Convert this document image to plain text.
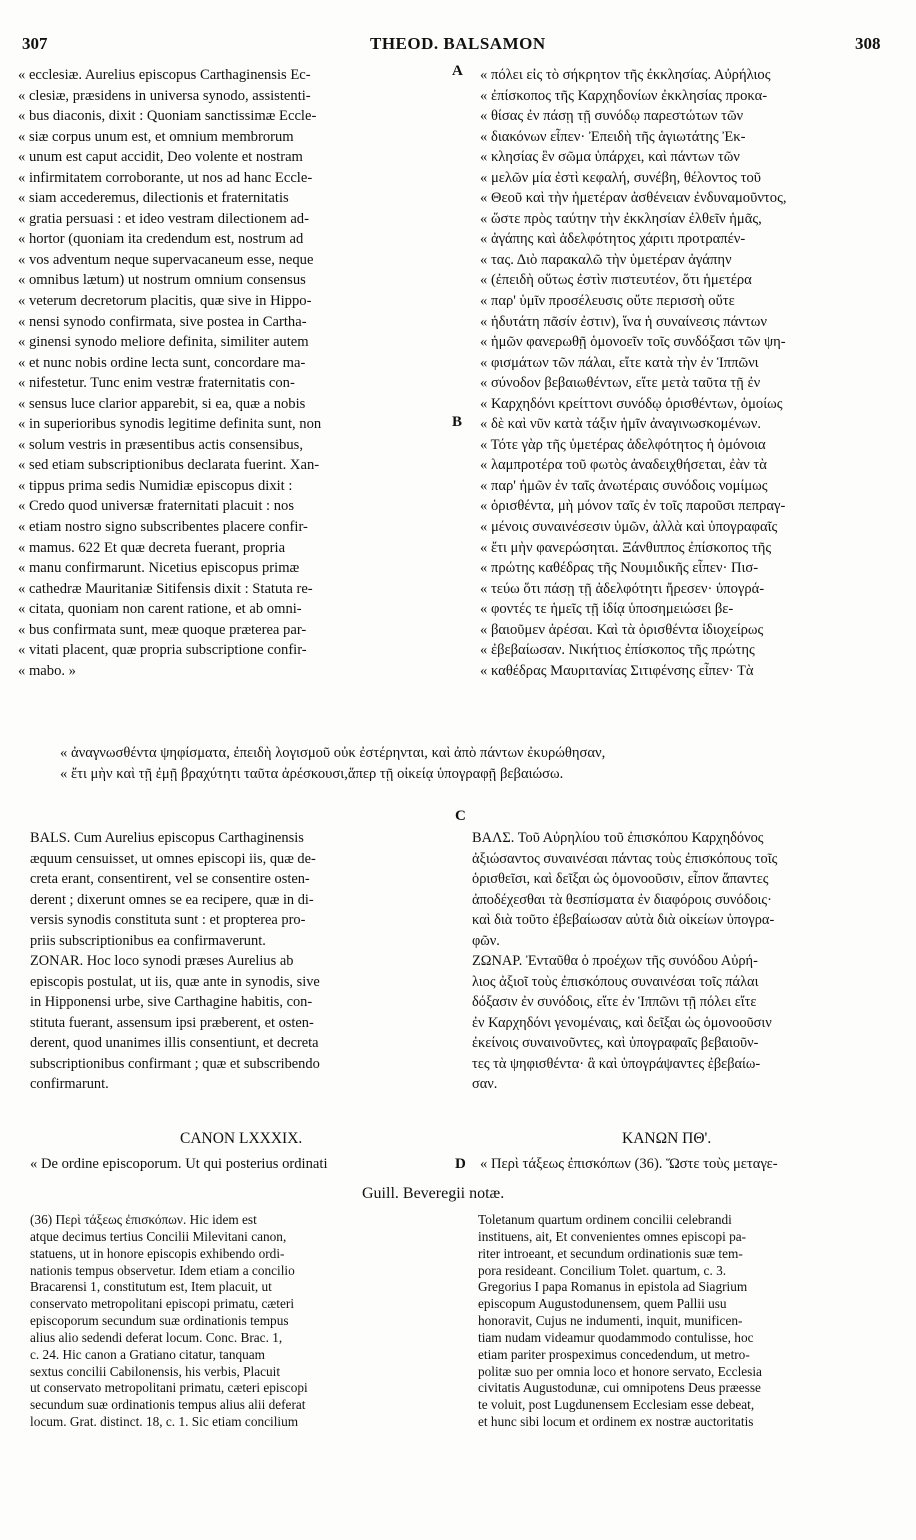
307	THEOD. BALSAMON	308
A
B
C
D
« ecclesiæ. Aurelius episcopus Carthaginensis Ec-
« clesiæ, præsidens in universa synodo, assistenti-
« bus diaconis, dixit : Quoniam sanctissimæ Eccle-
« siæ corpus unum est, et omnium membrorum
« unum est caput accidit, Deo volente et nostram
« infirmitatem corroborante, ut nos ad hanc Eccle-
« siam accederemus, dilectionis et fraternitatis
« gratia persuasi : et ideo vestram dilectionem ad-
« hortor (quoniam ita credendum est, nostrum ad
« vos adventum neque supervacaneum esse, neque
« omnibus lætum) ut nostrum omnium consensus
« veterum decretorum placitis, quæ sive in Hippo-
« nensi synodo confirmata, sive postea in Cartha-
« ginensi synodo meliore definita, similiter autem
« et nunc nobis ordine lecta sunt, concordare ma-
« nifestetur. Tunc enim vestræ fraternitatis con-
« sensus luce clarior apparebit, si ea, quæ a nobis
« in superioribus synodis legitime definita sunt, non
« solum vestris in præsentibus actis consensibus,
« sed etiam subscriptionibus declarata fuerint. Xan-
« tippus prima sedis Numidiæ episcopus dixit :
« Credo quod universæ fraternitati placuit : nos
« etiam nostro signo subscribentes placere confir-
« mamus. 622 Et quæ decreta fuerant, propria
« manu confirmarunt. Nicetius episcopus primæ
« cathedræ Mauritaniæ Sitifensis dixit : Statuta re-
« citata, quoniam non carent ratione, et ab omni-
« bus confirmata sunt, meæ quoque præterea par-
« vitati placent, quæ propria subscriptione confir-
« mabo. »
« πόλει εἰς τὸ σήκρητον τῆς ἐκκλησίας. Αὐρήλιος
« ἐπίσκοπος τῆς Καρχηδονίων ἐκκλησίας προκα-
« θίσας ἐν πάσῃ τῇ συνόδῳ παρεστώτων τῶν
« διακόνων εἶπεν· Ἐπειδὴ τῆς ἁγιωτάτης Ἐκ-
« κλησίας ἓν σῶμα ὑπάρχει, καὶ πάντων τῶν
« μελῶν μία ἐστὶ κεφαλή, συνέβη, θέλοντος τοῦ
« Θεοῦ καὶ τὴν ἡμετέραν ἀσθένειαν ἐνδυναμοῦντος,
« ὥστε πρὸς ταύτην τὴν ἐκκλησίαν ἐλθεῖν ἡμᾶς,
« ἀγάπης καὶ ἀδελφότητος χάριτι προτραπέν-
« τας. Διὸ παρακαλῶ τὴν ὑμετέραν ἀγάπην
« (ἐπειδὴ οὕτως ἐστὶν πιστευτέον, ὅτι ἡμετέρα
« παρ' ὑμῖν προσέλευσις οὔτε περισσὴ οὔτε
« ἡδυτάτη πᾶσίν ἐστιν), ἵνα ἡ συναίνεσις πάντων
« ἡμῶν φανερωθῇ ὁμονοεῖν τοῖς συνδόξασι τῶν ψη-
« φισμάτων τῶν πάλαι, εἴτε κατὰ τὴν ἐν Ἱππῶνι
« σύνοδον βεβαιωθέντων, εἴτε μετὰ ταῦτα τῇ ἐν
« Καρχηδόνι κρείττονι συνόδῳ ὁρισθέντων, ὁμοίως
« δὲ καὶ νῦν κατὰ τάξιν ἡμῖν ἀναγινωσκομένων.
« Τότε γὰρ τῆς ὑμετέρας ἀδελφότητος ἡ ὁμόνοια
« λαμπροτέρα τοῦ φωτὸς ἀναδειχθήσεται, ἐὰν τὰ
« παρ' ἡμῶν ἐν ταῖς ἀνωτέραις συνόδοις νομίμως
« ὁρισθέντα, μὴ μόνον ταῖς ἐν τοῖς παροῦσι πεπραγ-
« μένοις συναινέσεσιν ὑμῶν, ἀλλὰ καὶ ὑπογραφαῖς
« ἔτι μὴν φανερώσηται. Ξάνθιππος ἐπίσκοπος τῆς
« πρώτης καθέδρας τῆς Νουμιδικῆς εἶπεν· Πισ-
« τεύω ὅτι πάσῃ τῇ ἀδελφότητι ἤρεσεν· ὑπογρά-
« φοντές τε ἡμεῖς τῇ ἰδίᾳ ὑποσημειώσει βε-
« βαιοῦμεν ἀρέσαι. Καὶ τὰ ὁρισθέντα ἰδιοχείρως
« ἐβεβαίωσαν. Νικήτιος ἐπίσκοπος τῆς πρώτης
« καθέδρας Μαυριτανίας Σιτιφένσης εἶπεν· Τὰ
« ἀναγνωσθέντα ψηφίσματα, ἐπειδὴ λογισμοῦ οὐκ ἐστέρηνται, καὶ ἀπὸ πάντων ἐκυρώθησαν,
« ἔτι μὴν καὶ τῇ ἐμῇ βραχύτητι ταῦτα ἀρέσκουσι,ἅπερ τῇ οἰκείᾳ ὑπογραφῇ βεβαιώσω.
BALS. Cum Aurelius episcopus Carthaginensis
æquum censuisset, ut omnes episcopi iis, quæ de-
creta erant, consentirent, vel se consentire osten-
derent ; dixerunt omnes se ea recipere, quæ in di-
versis synodis constituta sunt : et propterea pro-
priis subscriptionibus ea confirmaverunt.
ZONAR. Hoc loco synodi præses Aurelius ab
episcopis postulat, ut iis, quæ ante in synodis, sive
in Hipponensi urbe, sive Carthagine habitis, con-
stituta fuerant, assensum ipsi præberent, et osten-
derent, quod unanimes illis consentiunt, et decreta
subscriptionibus confirmant ; quæ et subscribendo
confirmarunt.
ΒΑΛΣ. Τοῦ Αὐρηλίου τοῦ ἐπισκόπου Καρχηδόνος
ἀξιώσαντος συναινέσαι πάντας τοὺς ἐπισκόπους τοῖς
ὁρισθεῖσι, καὶ δεῖξαι ὡς ὁμονοοῦσιν, εἶπον ἅπαντες
ἀποδέχεσθαι τὰ θεσπίσματα ἐν διαφόροις συνόδοις·
καὶ διὰ τοῦτο ἐβεβαίωσαν αὐτὰ διὰ οἰκείων ὑπογρα-
φῶν.
ΖΩΝΑΡ. Ἐνταῦθα ὁ προέχων τῆς συνόδου Αὐρή-
λιος ἀξιοῖ τοὺς ἐπισκόπους συναινέσαι τοῖς πάλαι
δόξασιν ἐν συνόδοις, εἴτε ἐν Ἱππῶνι τῇ πόλει εἴτε
ἐν Καρχηδόνι γενομέναις, καὶ δεῖξαι ὡς ὁμονοοῦσιν
ἐκείνοις συναινοῦντες, καὶ ὑπογραφαῖς βεβαιοῦν-
τες τὰ ψηφισθέντα· ἃ καὶ ὑπογράψαντες ἐβεβαίω-
σαν.
CANON LXXXIX.	ΚΑΝΩΝ ΠΘ'.
« De ordine episcoporum. Ut qui posterius ordinati	« Περὶ τάξεως ἐπισκόπων (36). Ὥστε τοὺς μεταγε-
Guill. Beveregii notæ.
(36) Περὶ τάξεως ἐπισκόπων. Hic idem est
atque decimus tertius Concilii Milevitani canon,
statuens, ut in honore episcopis exhibendo ordi-
nationis tempus observetur. Idem etiam a concilio
Bracarensi 1, constitutum est, Item placuit, ut
conservato metropolitani episcopi primatu, cæteri
episcoporum secundum suæ ordinationis tempus
alius alio sedendi deferat locum. Conc. Brac. 1,
c. 24. Hic canon a Gratiano citatur, tanquam
sextus concilii Cabilonensis, his verbis, Placuit
ut conservato metropolitani primatu, cæteri episcopi
secundum suæ ordinationis tempus alius alii deferat
locum. Grat. distinct. 18, c. 1. Sic etiam concilium
Toletanum quartum ordinem concilii celebrandi
instituens, ait, Et convenientes omnes episcopi pa-
riter introeant, et secundum ordinationis suæ tem-
pora resideant. Concilium Tolet. quartum, c. 3.
Gregorius I papa Romanus in epistola ad Siagrium
episcopum Augustodunensem, quem Pallii usu
honoravit, Cujus ne indumenti, inquit, munificen-
tiam nudam videamur quodammodo contulisse, hoc
etiam pariter prospeximus concedendum, ut metro-
politæ suo per omnia loco et honore servato, Ecclesia
civitatis Augustodunæ, cui omnipotens Deus præesse
te voluit, post Lugdunensem Ecclesiam esse debeat,
et hunc sibi locum et ordinem ex nostræ auctoritatis
